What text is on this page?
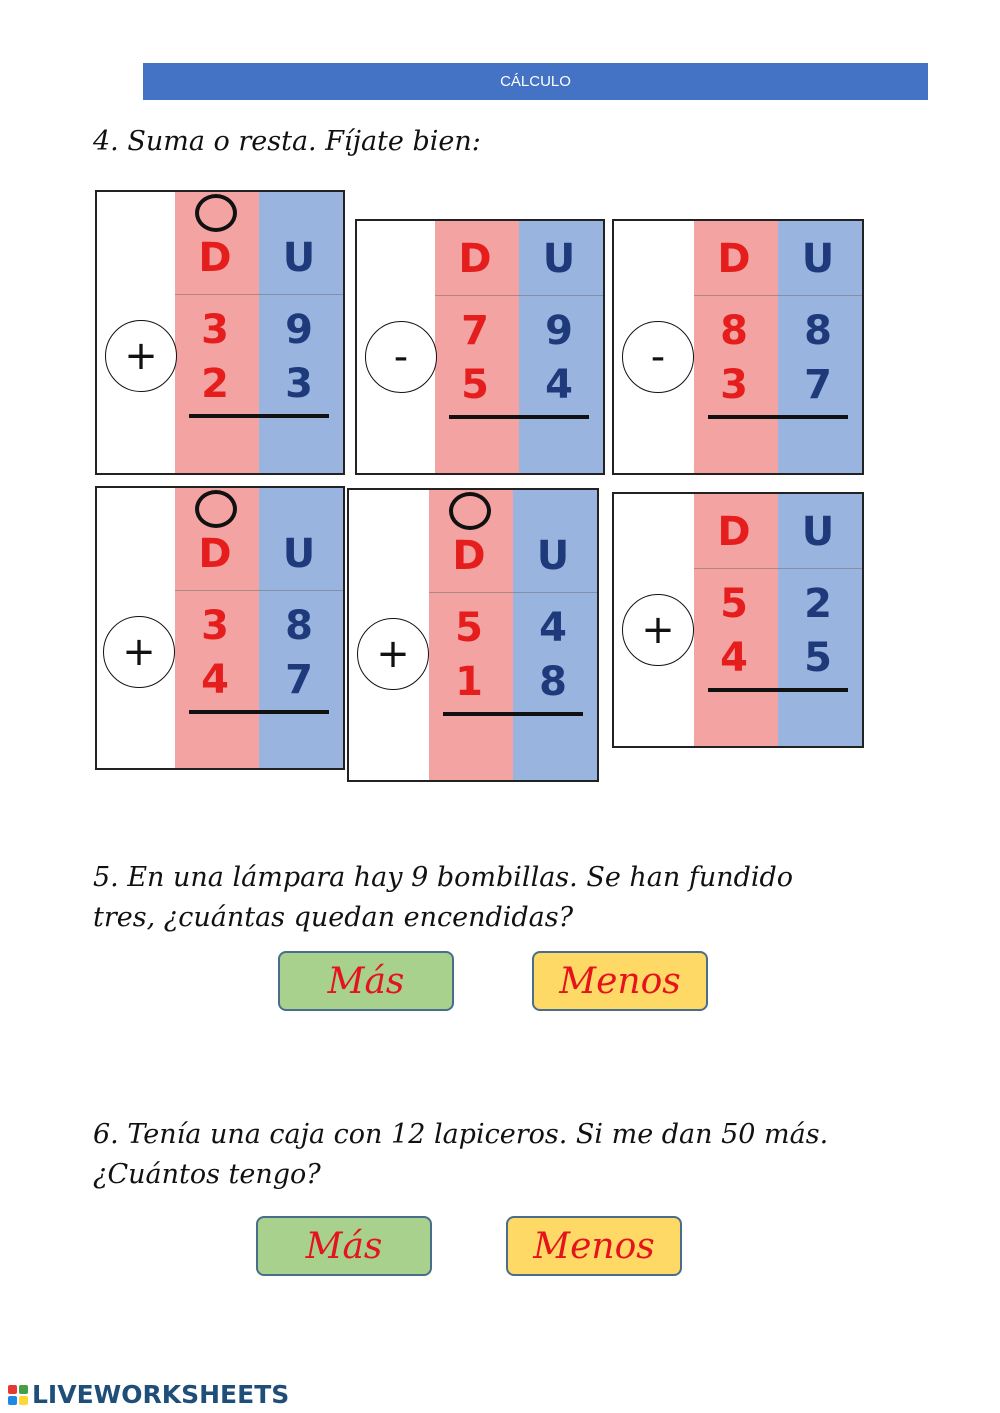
CÁLCULO
4. Suma o resta. Fíjate bien:
D	U
3	9
2	3
+
D	U
7	9
5	4
-
D	U
8	8
3	7
-
D	U
3	8
4	7
+
D	U
5	4
1	8
+
D	U
5	2
4	5
+
5. En una lámpara hay 9 bombillas. Se han fundido
tres, ¿cuántas quedan encendidas?
Más	Menos
6. Tenía una caja con 12 lapiceros. Si me dan 50 más.
¿Cuántos tengo?
Más	Menos
LIVEWORKSHEETS
